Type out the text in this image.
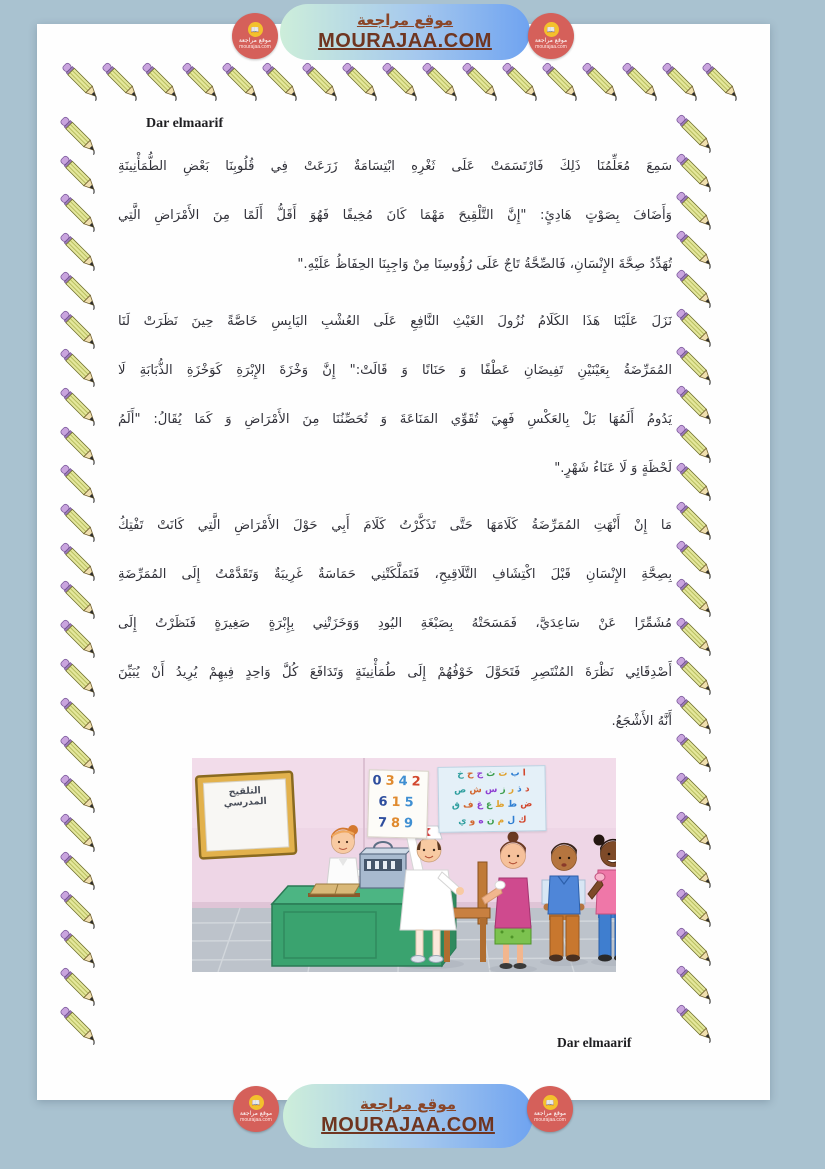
📖
موقع مراجعة
mourajaa.com
موقع مراجعة
MOURAJAA.COM
📖
موقع مراجعة
mourajaa.com
Dar elmaarif
سَمِعَ مُعَلِّمُنَا ذَلِكَ فَارْتَسَمَتْ عَلَى ثَغْرِهِ ابْتِسَامَةٌ زَرَعَتْ فِي قُلُوبِنَا بَعْضِ الطُّمَأْنِينَةِ
وَأَضَافَ بِصَوْتٍ هَادِئٍ: "إِنَّ التَّلْقِيحَ مَهْمَا كَانَ مُخِيفًا فَهُوَ أَقَلُّ أَلَمًا مِنَ الأَمْرَاضِ الَّتِي
تُهَدِّدُ صِحَّةَ الإِنْسَانِ، فَالصِّحَّةُ تَاجٌ عَلَى رُؤُوسِنَا مِنْ وَاجِبِنَا الحِفَاظُ عَلَيْهِ."
نَزَلَ عَلَيْنَا هَذَا الكَلَامُ نُزُولَ الغَيْثِ النَّافِعِ عَلَى العُشْبِ اليَابِسِ خَاصَّةً حِينَ نَظَرَتْ لَنَا
المُمَرِّضَةُ بِعَيْنَيْنِ تَفِيضَانِ عَطْفًا وَ حَنَانًا وَ قَالَتْ:" إِنَّ وَخْزَةَ الإِبْرَةِ كَوَخْزَةِ الذُّبَابَةِ لَا
يَدُومُ أَلَمُهَا بَلْ بِالعَكْسِ فَهِيَ تُقَوِّي المَنَاعَةَ وَ تُحَصِّنُنَا مِنَ الأَمْرَاضِ وَ كَمَا يُقَالُ: "أَلَمُ
لَحْظَةٍ وَ لَا عَنَاءُ شَهْرٍ."
مَا إِنْ أَنْهَتِ المُمَرِّضَةُ كَلَامَهَا حَتَّى تَذَكَّرْتُ كَلَامَ أَبِي حَوْلَ الأَمْرَاضِ الَّتِي كَانَتْ تَفْتِكُ
بِصِحَّةِ الإِنْسَانِ قَبْلَ اكْتِشَافِ التَّلَاقِيحِ، فَتَمَلَّكَتْنِي حَمَاسَةٌ غَرِيبَةٌ وَتَقَدَّمْتُ إِلَى المُمَرِّضَةِ
مُشَمِّرًا عَنْ سَاعِدَيَّ، فَمَسَحَتْهُ بِصَبْغَةِ اليُودِ وَوَخَزَتْنِي بِإِبْرَةٍ صَغِيرَةٍ فَنَظَرْتُ إِلَى
أَصْدِقَائِي نَظْرَةَ المُنْتَصِرِ فَتَحَوَّلَ خَوْفُهُمْ إِلَى طُمَأْنِينَةٍ وَتَدَافَعَ كُلَّ وَاحِدٍ فِيهِمْ يُرِيدُ أَنْ يُبَيِّنَ
أَنَّهُ الأَشْجَعُ.
التلقيح المدرسي
0342
615
789
ا ب ت ث ج ح خ
د ذ ر ز س ش ص
ض ط ظ ع غ ف ق
ك ل م ن ه و ي
Dar elmaarif
📖
موقع مراجعة
mourajaa.com
موقع مراجعة
MOURAJAA.COM
📖
موقع مراجعة
mourajaa.com
